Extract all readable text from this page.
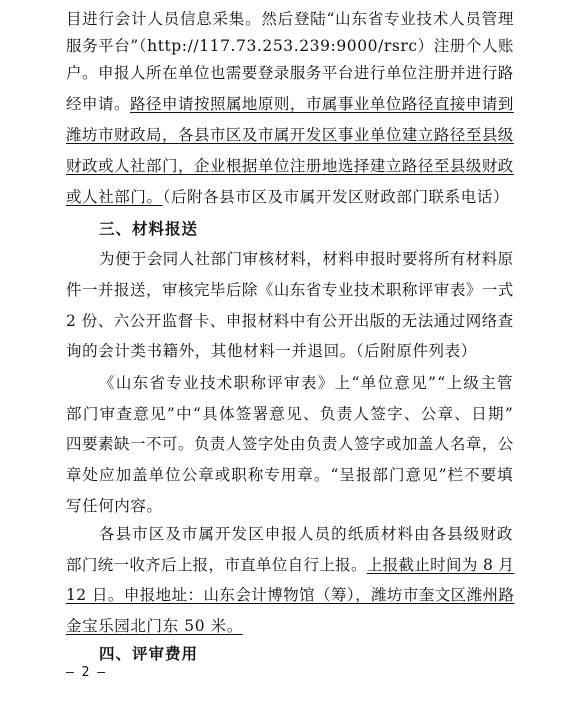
目进行会计人员信息采集。然后登陆“山东省专业技术人员管理
服务平台”（http://117.73.253.239:9000/rsrc）注册个人账
户。申报人所在单位也需要登录服务平台进行单位注册并进行路
经申请。路径申请按照属地原则，市属事业单位路径直接申请到
潍坊市财政局，各县市区及市属开发区事业单位建立路径至县级
财政或人社部门，企业根据单位注册地选择建立路径至县级财政
或人社部门。（后附各县市区及市属开发区财政部门联系电话）
三、材料报送
为便于会同人社部门审核材料，材料申报时要将所有材料原
件一并报送，审核完毕后除《山东省专业技术职称评审表》一式
2 份、六公开监督卡、申报材料中有公开出版的无法通过网络查
询的会计类书籍外，其他材料一并退回。（后附原件列表）
《山东省专业技术职称评审表》上“单位意见”“上级主管
部门审查意见”中“具体签署意见、负责人签字、公章、日期”
四要素缺一不可。负责人签字处由负责人签字或加盖人名章，公
章处应加盖单位公章或职称专用章。“呈报部门意见”栏不要填
写任何内容。
各县市区及市属开发区申报人员的纸质材料由各县级财政
部门统一收齐后上报，市直单位自行上报。上报截止时间为 8 月
12 日。申报地址：山东会计博物馆（筹），潍坊市奎文区潍州路
金宝乐园北门东 50 米。
四、评审费用
— 2 —
